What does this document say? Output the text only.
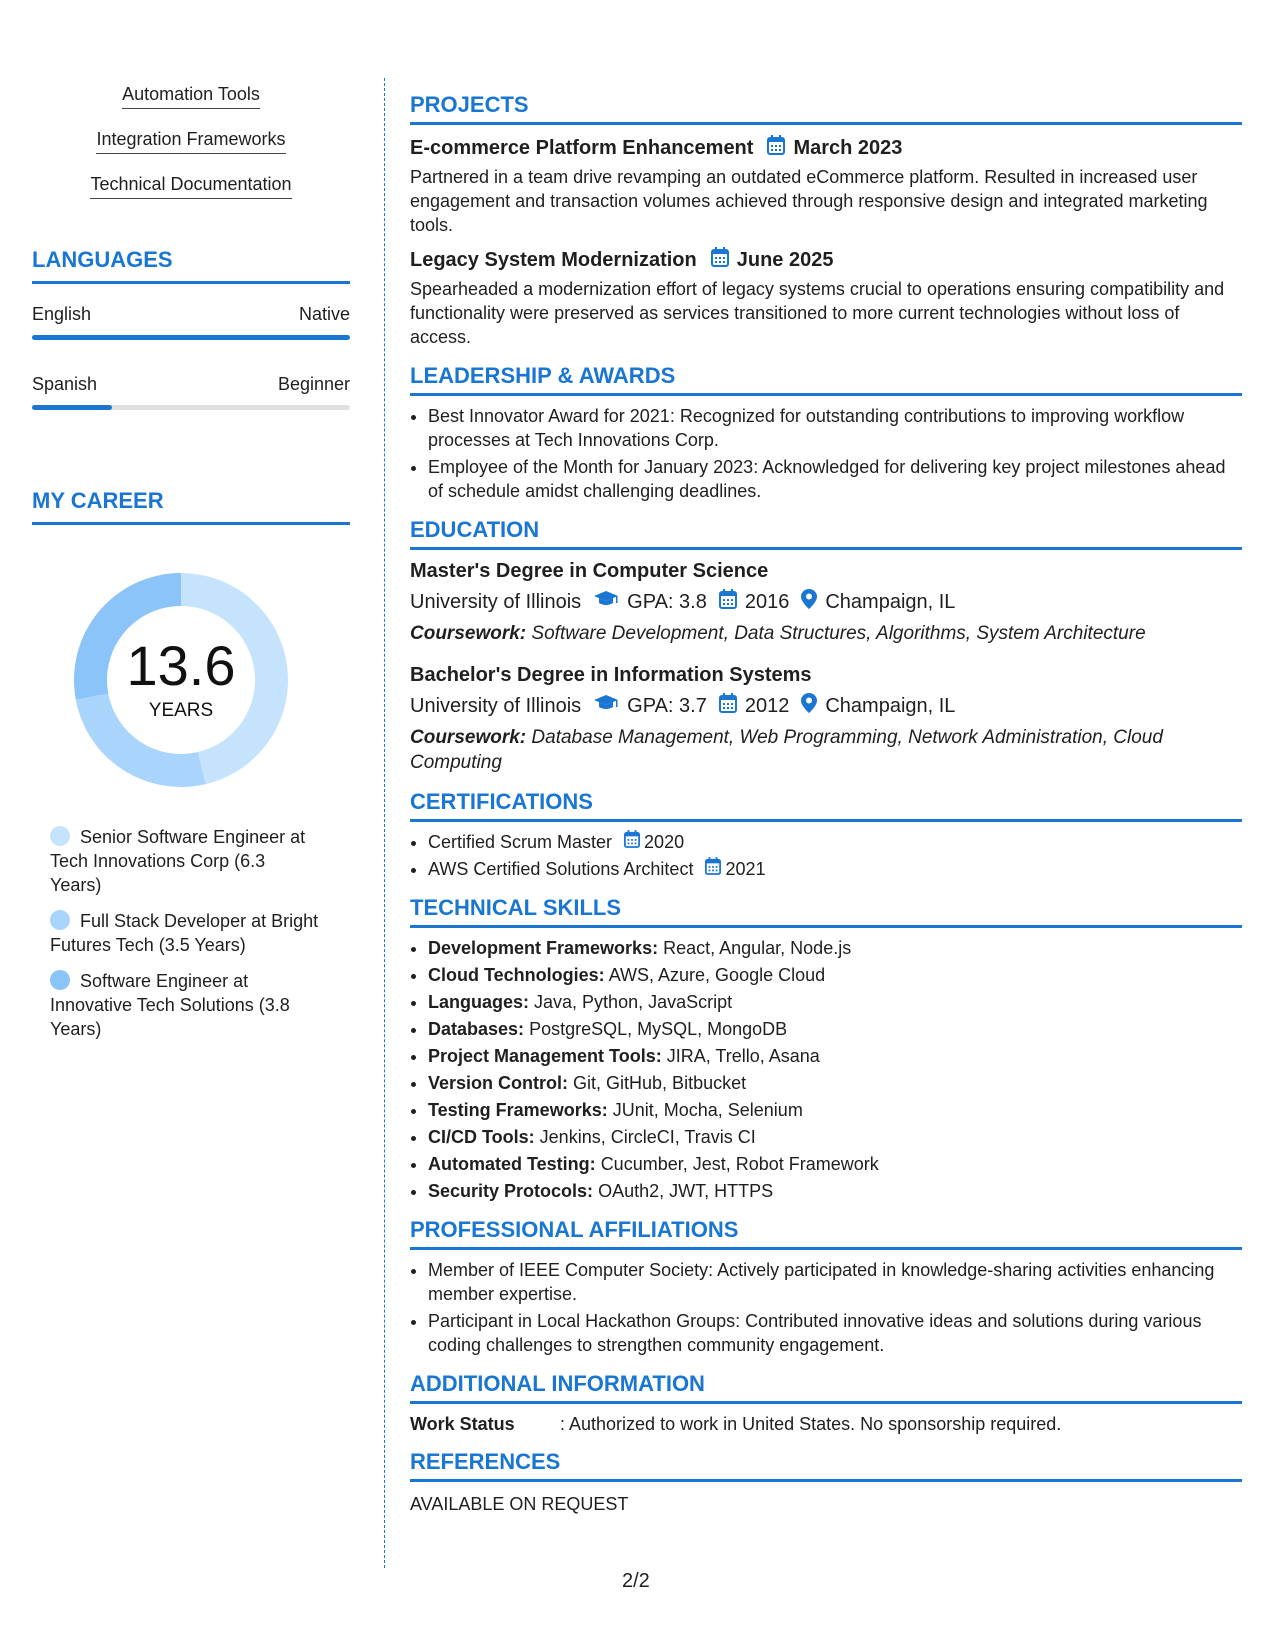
Automation Tools
Integration Frameworks
Technical Documentation
LANGUAGES
English	Native
Spanish	Beginner
MY CAREER
13.6
YEARS
Senior Software Engineer at Tech Innovations Corp (6.3 Years)
Full Stack Developer at Bright Futures Tech (3.5 Years)
Software Engineer at Innovative Tech Solutions (3.8 Years)
PROJECTS
E-commerce Platform Enhancement March 2023

Partnered in a team drive revamping an outdated eCommerce platform. Resulted in increased user engagement and transaction volumes achieved through responsive design and integrated marketing tools.

Legacy System Modernization June 2025

Spearheaded a modernization effort of legacy systems crucial to operations ensuring compatibility and functionality were preserved as services transitioned to more current technologies without loss of access.

LEADERSHIP & AWARDS
• Best Innovator Award for 2021: Recognized for outstanding contributions to improving workflow processes at Tech Innovations Corp.
• Employee of the Month for January 2023: Acknowledged for delivering key project milestones ahead of schedule amidst challenging deadlines.
EDUCATION
Master's Degree in Computer Science
University of Illinois GPA: 3.8 2016 Champaign, IL
Coursework: Software Development, Data Structures, Algorithms, System Architecture
Bachelor's Degree in Information Systems
University of Illinois GPA: 3.7 2012 Champaign, IL
Coursework: Database Management, Web Programming, Network Administration, Cloud Computing
CERTIFICATIONS
• Certified Scrum Master 2020
• AWS Certified Solutions Architect 2021
TECHNICAL SKILLS
• Development Frameworks: React, Angular, Node.js
• Cloud Technologies: AWS, Azure, Google Cloud
• Languages: Java, Python, JavaScript
• Databases: PostgreSQL, MySQL, MongoDB
• Project Management Tools: JIRA, Trello, Asana
• Version Control: Git, GitHub, Bitbucket
• Testing Frameworks: JUnit, Mocha, Selenium
• CI/CD Tools: Jenkins, CircleCI, Travis CI
• Automated Testing: Cucumber, Jest, Robot Framework
• Security Protocols: OAuth2, JWT, HTTPS
PROFESSIONAL AFFILIATIONS
• Member of IEEE Computer Society: Actively participated in knowledge-sharing activities enhancing member expertise.
• Participant in Local Hackathon Groups: Contributed innovative ideas and solutions during various coding challenges to strengthen community engagement.
ADDITIONAL INFORMATION
Work Status	: Authorized to work in United States. No sponsorship required.
REFERENCES
AVAILABLE ON REQUEST
2/2
